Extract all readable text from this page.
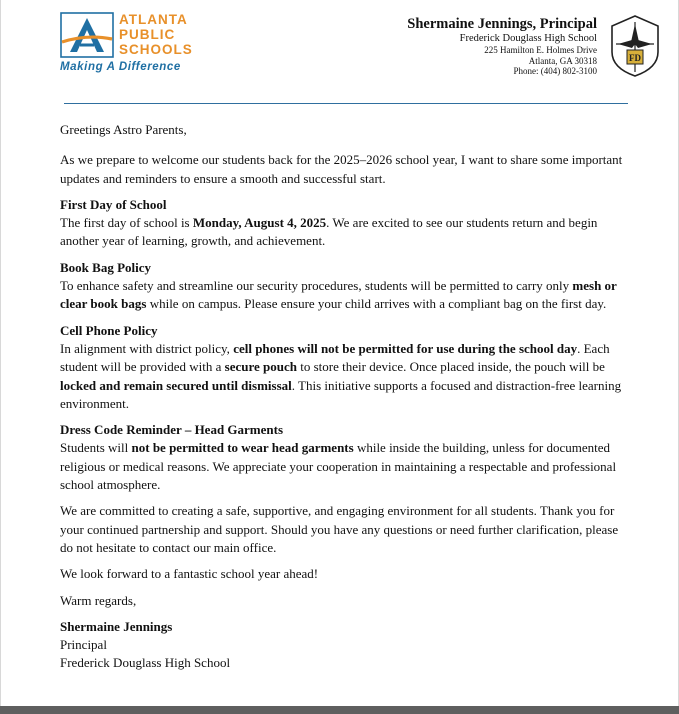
ATLANTA
PUBLIC
SCHOOLS
Making A Difference
Shermaine Jennings, Principal
Frederick Douglass High School
225 Hamilton E. Holmes Drive
Atlanta, GA 30318
Phone: (404) 802-3100
FD

Greetings Astro Parents,

As we prepare to welcome our students back for the 2025–2026 school year, I want to share some important updates and reminders to ensure a smooth and successful start.

First Day of School

The first day of school is Monday, August 4, 2025. We are excited to see our students return and begin another year of learning, growth, and achievement.

Book Bag Policy

To enhance safety and streamline our security procedures, students will be permitted to carry only mesh or clear book bags while on campus. Please ensure your child arrives with a compliant bag on the first day.

Cell Phone Policy

In alignment with district policy, cell phones will not be permitted for use during the school day. Each student will be provided with a secure pouch to store their device. Once placed inside, the pouch will be locked and remain secured until dismissal. This initiative supports a focused and distraction-free learning environment.

Dress Code Reminder – Head Garments

Students will not be permitted to wear head garments while inside the building, unless for documented religious or medical reasons. We appreciate your cooperation in maintaining a respectable and professional school atmosphere.

We are committed to creating a safe, supportive, and engaging environment for all students. Thank you for your continued partnership and support. Should you have any questions or need further clarification, please do not hesitate to contact our main office.

We look forward to a fantastic school year ahead!

Warm regards,

Shermaine Jennings

Principal

Frederick Douglass High School
